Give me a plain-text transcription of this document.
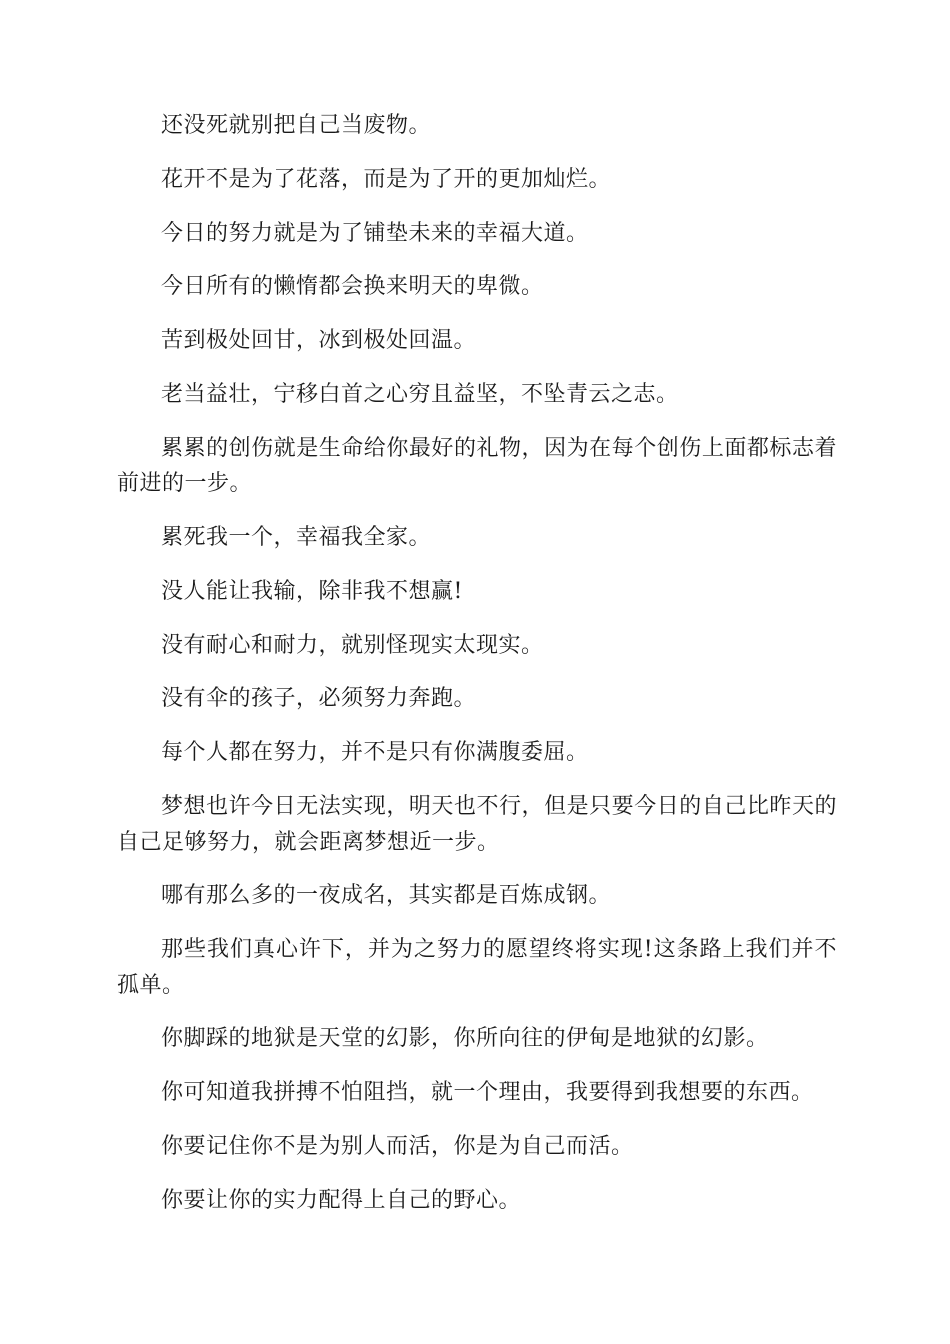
还没死就别把自己当废物。

花开不是为了花落，而是为了开的更加灿烂。

今日的努力就是为了铺垫未来的幸福大道。

今日所有的懒惰都会换来明天的卑微。

苦到极处回甘，冰到极处回温。

老当益壮，宁移白首之心穷且益坚，不坠青云之志。

累累的创伤就是生命给你最好的礼物，因为在每个创伤上面都标志着前进的一步。

累死我一个，幸福我全家。

没人能让我输，除非我不想赢!

没有耐心和耐力，就别怪现实太现实。

没有伞的孩子，必须努力奔跑。

每个人都在努力，并不是只有你满腹委屈。

梦想也许今日无法实现，明天也不行，但是只要今日的自己比昨天的自己足够努力，就会距离梦想近一步。

哪有那么多的一夜成名，其实都是百炼成钢。

那些我们真心许下，并为之努力的愿望终将实现!这条路上我们并不孤单。

你脚踩的地狱是天堂的幻影，你所向往的伊甸是地狱的幻影。

你可知道我拼搏不怕阻挡，就一个理由，我要得到我想要的东西。

你要记住你不是为别人而活，你是为自己而活。

你要让你的实力配得上自己的野心。
